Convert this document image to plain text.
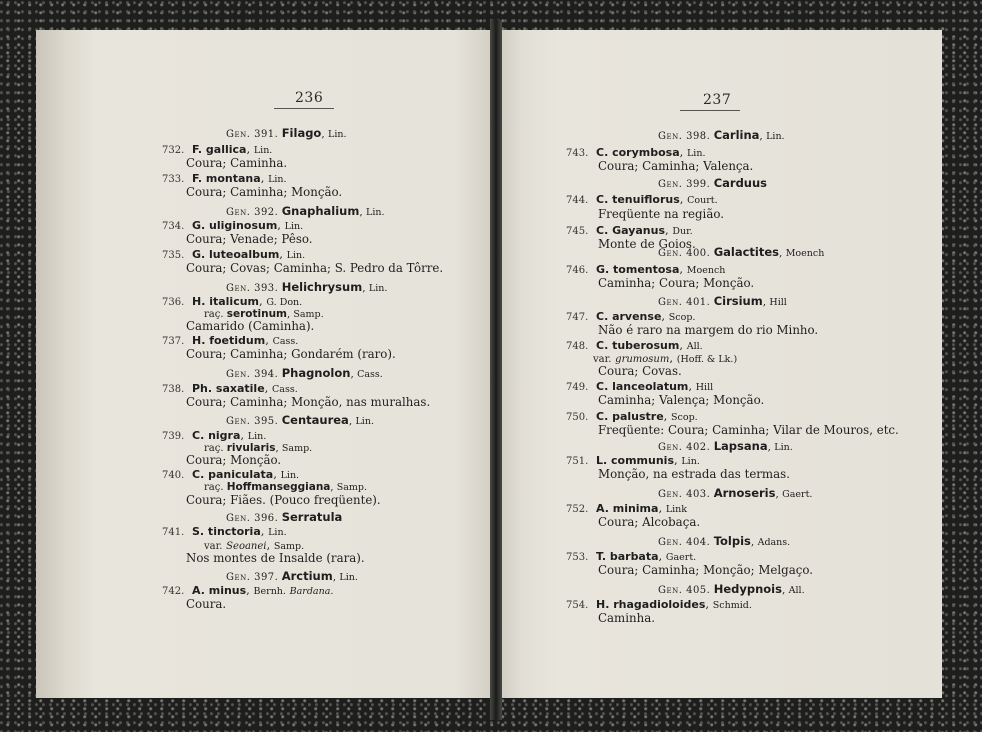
236
Gen. 391. Filago, Lin.
732. F. gallica, Lin.
Coura; Caminha.
733. F. montana, Lin.
Coura; Caminha; Monção.
Gen. 392. Gnaphalium, Lin.
734. G. uliginosum, Lin.
Coura; Venade; Pêso.
735. G. luteoalbum, Lin.
Coura; Covas; Caminha; S. Pedro da Tôrre.
Gen. 393. Helichrysum, Lin.
736. H. italicum, G. Don.
raç. serotinum, Samp.
Camarido (Caminha).
737. H. foetidum, Cass.
Coura; Caminha; Gondarém (raro).
Gen. 394. Phagnolon, Cass.
738. Ph. saxatile, Cass.
Coura; Caminha; Monção, nas muralhas.
Gen. 395. Centaurea, Lin.
739. C. nigra, Lin.
raç. rivularis, Samp.
Coura; Monção.
740. C. paniculata, Lin.
raç. Hoffmanseggiana, Samp.
Coura; Fiães. (Pouco freqüente).
Gen. 396. Serratula
741. S. tinctoria, Lin.
var. Seoanei, Samp.
Nos montes de Insalde (rara).
Gen. 397. Arctium, Lin.
742. A. minus, Bernh. Bardana.
Coura.
237
Gen. 398. Carlina, Lin.
743. C. corymbosa, Lin.
Coura; Caminha; Valença.
Gen. 399. Carduus
744. C. tenuiflorus, Court.
Freqüente na região.
745. C. Gayanus, Dur.
Monte de Goios.
Gen. 400. Galactites, Moench
746. G. tomentosa, Moench
Caminha; Coura; Monção.
Gen. 401. Cirsium, Hill
747. C. arvense, Scop.
Não é raro na margem do rio Minho.
748. C. tuberosum, All.
var. grumosum, (Hoff. & Lk.)
Coura; Covas.
749. C. lanceolatum, Hill
Caminha; Valença; Monção.
750. C. palustre, Scop.
Freqüente: Coura; Caminha; Vilar de Mouros, etc.
Gen. 402. Lapsana, Lin.
751. L. communis, Lin.
Monção, na estrada das termas.
Gen. 403. Arnoseris, Gaert.
752. A. minima, Link
Coura; Alcobaça.
Gen. 404. Tolpis, Adans.
753. T. barbata, Gaert.
Coura; Caminha; Monção; Melgaço.
Gen. 405. Hedypnois, All.
754. H. rhagadioloides, Schmid.
Caminha.
